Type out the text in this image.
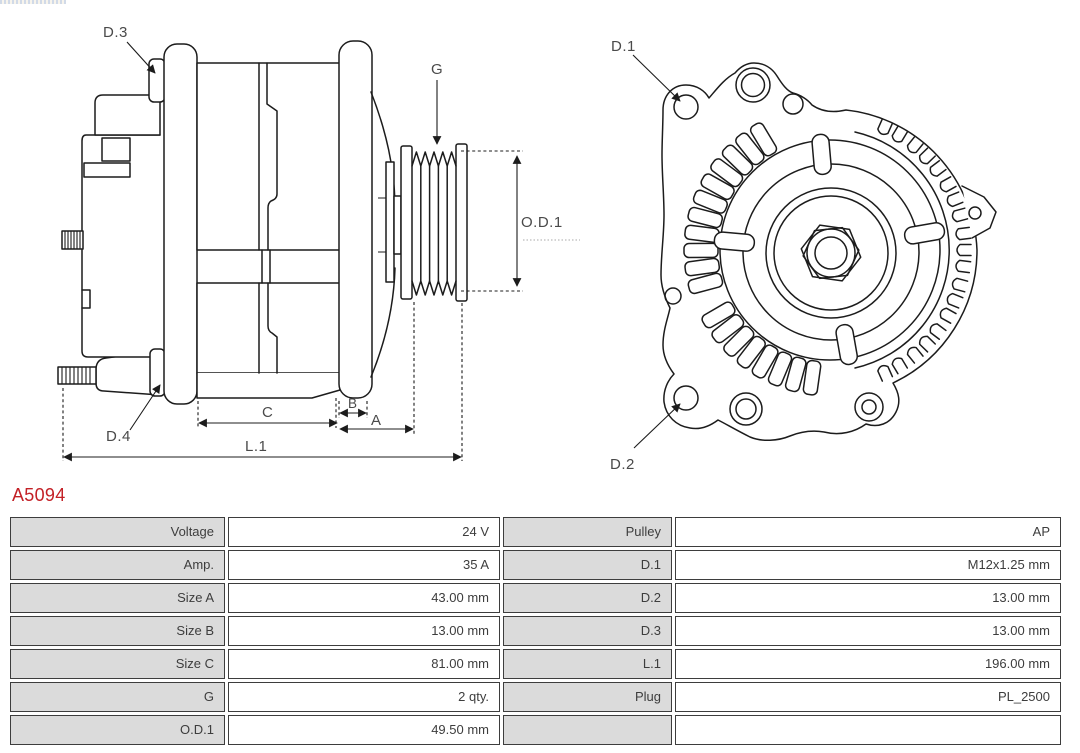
O.D.1
G
D.3
D.4
C
B
A
L.1
D.1
D.2
A5094
Voltage	24 V	Pulley	AP
Amp.	35 A	D.1	M12x1.25 mm
Size A	43.00 mm	D.2	13.00 mm
Size B	13.00 mm	D.3	13.00 mm
Size C	81.00 mm	L.1	196.00 mm
G	2 qty.	Plug	PL_2500
O.D.1	49.50 mm
